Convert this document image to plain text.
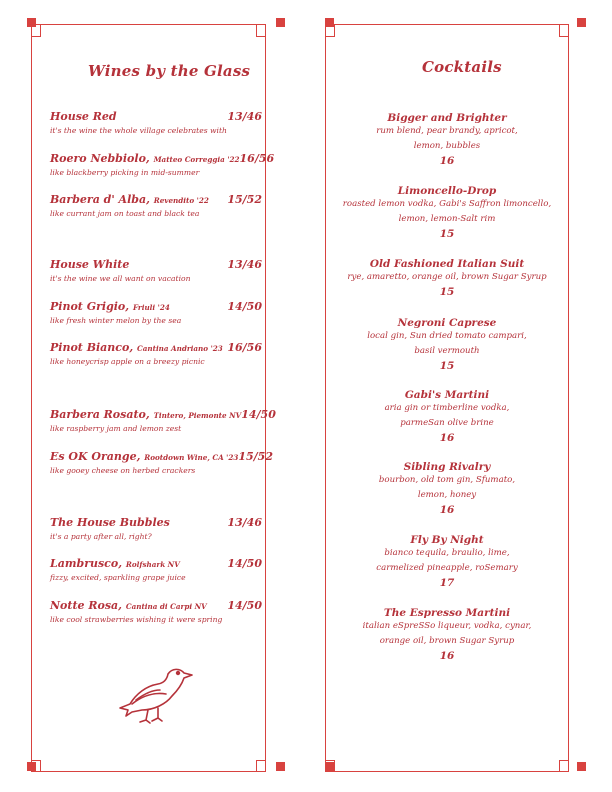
Wines by the Glass	Cocktails
House Red	13/46
it's the wine the whole village celebrates with
Roero Nebbiolo, Matteo Correggia '22 16/56
like blackberry picking in mid-summer
Barbera d' Alba, Revendito '22 15/52
like currant jam on toast and black tea
House White	13/46
it's the wine we all want on vacation
Pinot Grigio, Friuli '24	14/50
like fresh winter melon by the sea
Pinot Bianco, Cantina Andriano '23 16/56
like honeycrisp apple on a breezy picnic
Barbera Rosato, Tintero, Piemonte NV 14/50
like raspberry jam and lemon zest
Es OK Orange, Rootdown Wine, CA '23 15/52
like gooey cheese on herbed crackers
The House Bubbles	13/46
it's a party after all, right?
Lambrusco, Rolfshark NV	14/50
fizzy, excited, sparkling grape juice
Notte Rosa, Cantina di Carpi NV 14/50
like cool strawberries wishing it were spring
Bigger and Brighter
rum blend, pear brandy, apricot,
lemon, bubbles
16
Limoncello-Drop
roasted lemon vodka, Gabi's Saffron limoncello,
lemon, lemon-Salt rim
15
Old Fashioned Italian Suit
rye, amaretto, orange oil, brown Sugar Syrup
15
Negroni Caprese
local gin, Sun dried tomato campari,
basil vermouth
15
Gabi's Martini
aria gin or timberline vodka,
parmeSan olive brine
16
Sibling Rivalry
bourbon, old tom gin, Sfumato,
lemon, honey
16
Fly By Night
bianco tequila, braulio, lime,
carmelized pineapple, roSemary
17
The Espresso Martini
italian eSpreSSo liqueur, vodka, cynar,
orange oil, brown Sugar Syrup
16
